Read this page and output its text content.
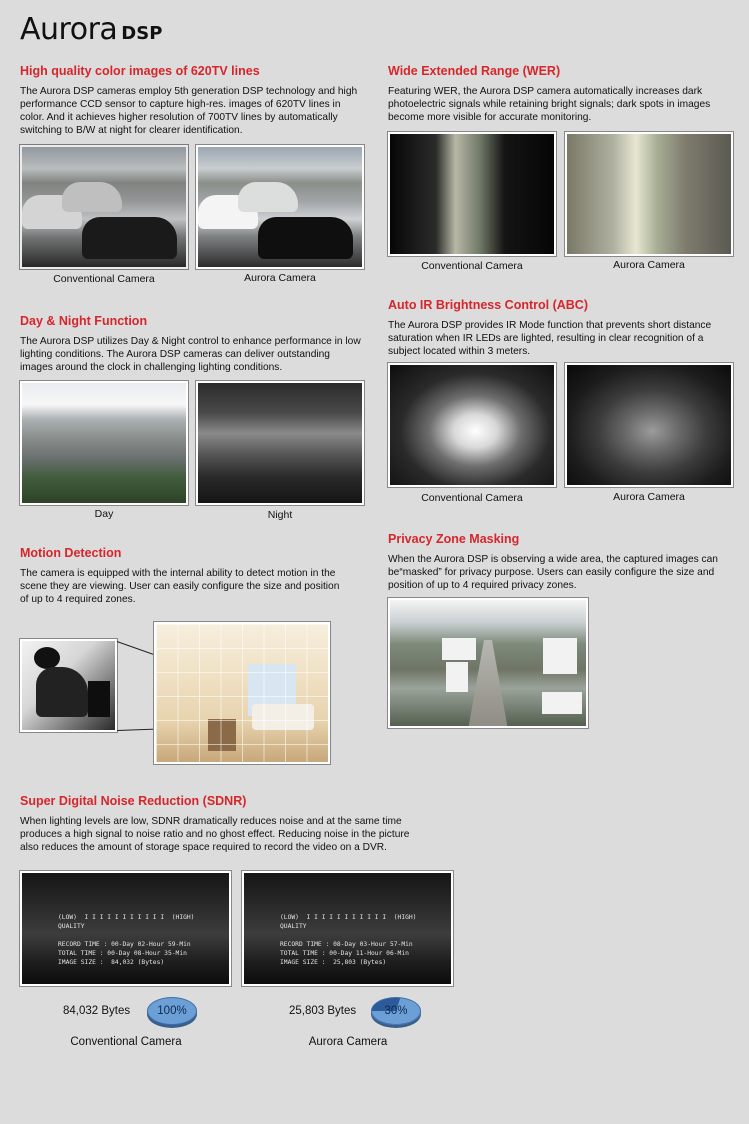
Aurora DSP
High quality color images of 620TV lines
The Aurora DSP cameras employ 5th generation DSP technology and high performance CCD sensor to capture high-res. images of 620TV lines in color. And it achieves higher resolution of 700TV lines by automatically switching to B/W at night for clearer identification.
Conventional Camera	Aurora Camera
Wide Extended Range (WER)
Featuring WER, the Aurora DSP camera automatically increases dark photoelectric signals while retaining bright signals; dark spots in images become more visible for accurate monitoring.
Conventional Camera	Aurora Camera
Day & Night Function
The Aurora DSP utilizes Day & Night control to enhance performance in low lighting conditions. The Aurora DSP cameras can deliver outstanding images around the clock in challenging lighting conditions.
Day	Night
Auto IR Brightness Control (ABC)
The Aurora DSP provides IR Mode function that prevents short distance saturation when IR LEDs are lighted, resulting in clear recognition of a subject located within 3 meters.
Conventional Camera	Aurora Camera
Motion Detection
The camera is equipped with the internal ability to detect motion in the scene they are viewing. User can easily configure the size and position of up to 4 required zones.
Privacy Zone Masking
When the Aurora DSP is observing a wide area, the captured images can be“masked” for privacy purpose. Users can easily configure the size and position of up to 4 required privacy zones.
Super Digital Noise Reduction (SDNR)
When lighting levels are low, SDNR dramatically reduces noise and at the same time produces a high signal to noise ratio and no ghost effect. Reducing noise in the picture also reduces the amount of storage space required to record the video on a DVR.
(LOW)  I I I I I I I I I I I  (HIGH)
QUALITY

RECORD TIME : 00-Day 02-Hour 59-Min
TOTAL TIME : 00-Day 08-Hour 35-Min
IMAGE SIZE :  84,032 (Bytes)
(LOW)  I I I I I I I I I I I  (HIGH)
QUALITY

RECORD TIME : 08-Day 03-Hour 57-Min
TOTAL TIME : 00-Day 11-Hour 06-Min
IMAGE SIZE :  25,803 (Bytes)
84,032 Bytes	100%
Conventional Camera
25,803 Bytes	30%
Aurora Camera
